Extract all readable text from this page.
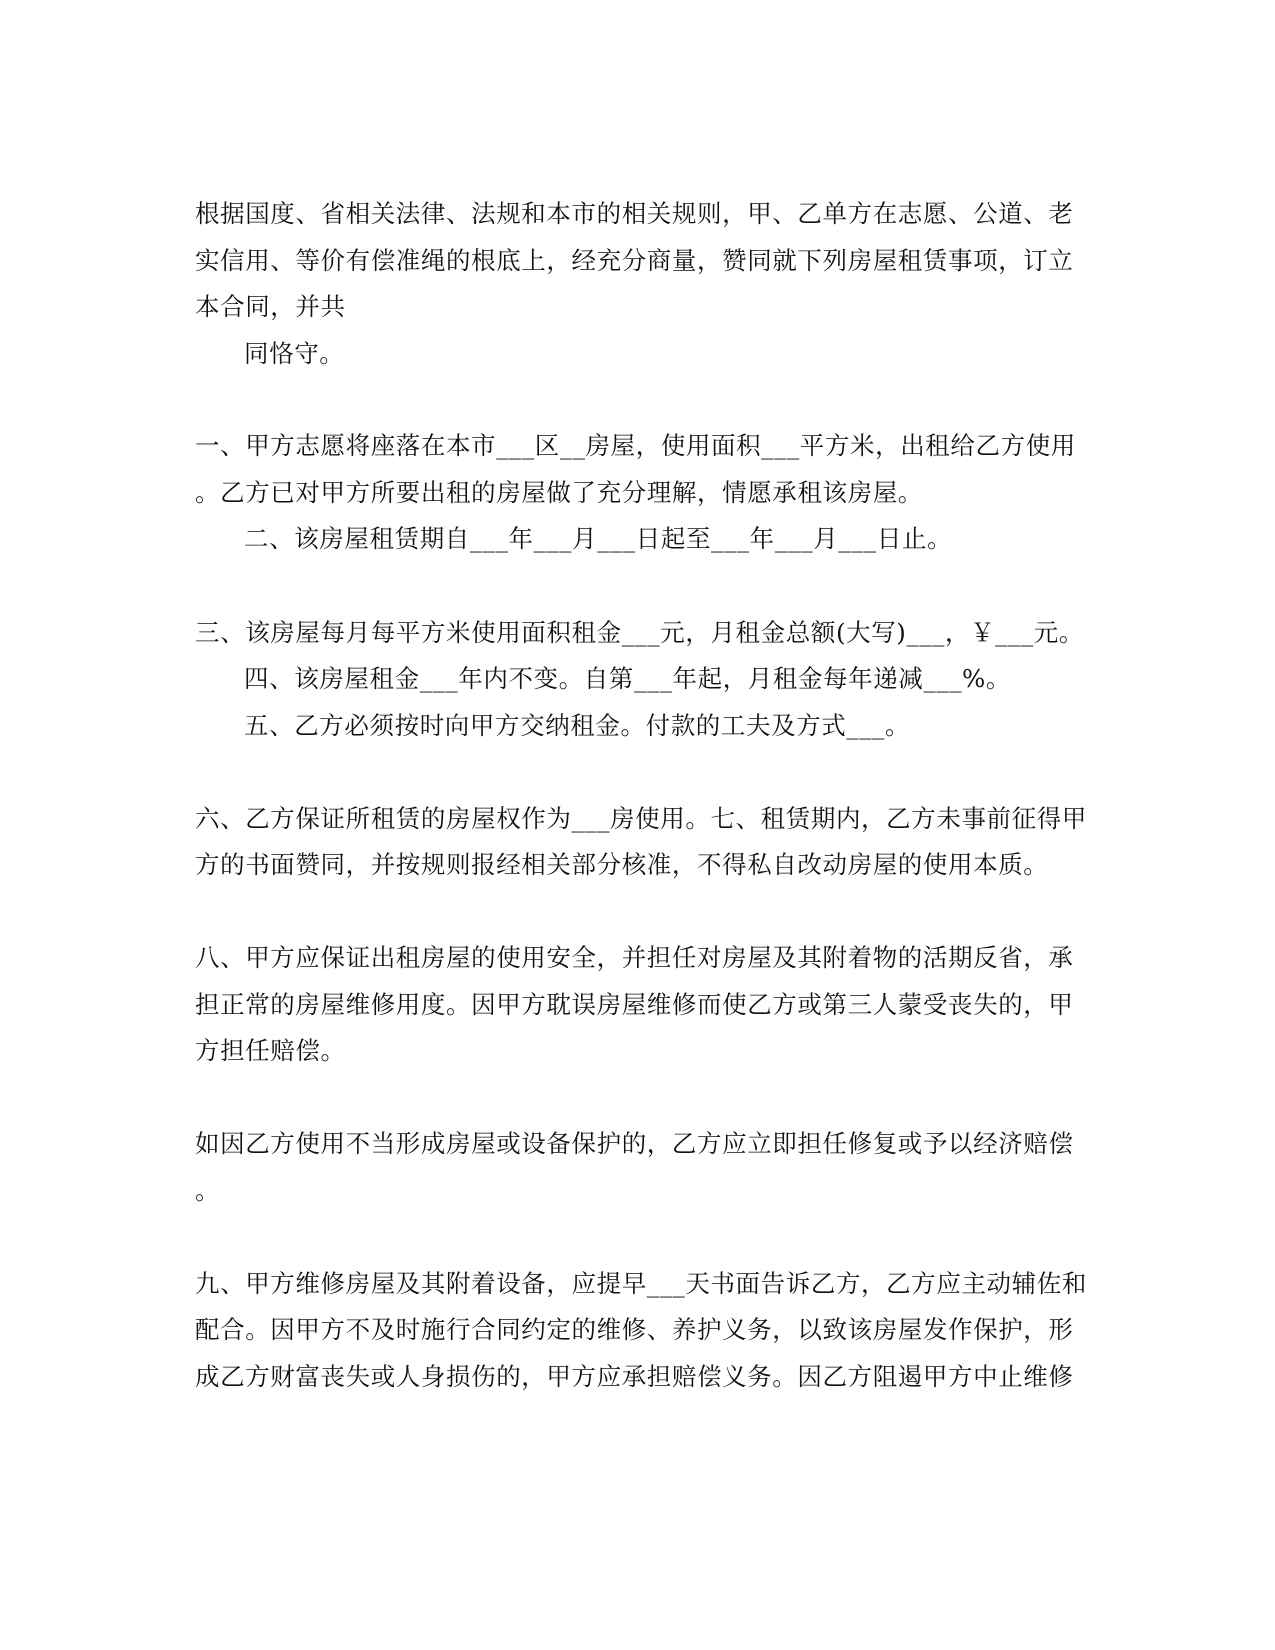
根据国度、省相关法律、法规和本市的相关规则，甲、乙单方在志愿、公道、老
实信用、等价有偿准绳的根底上，经充分商量，赞同就下列房屋租赁事项，订立
本合同，并共
同恪守。
一、甲方志愿将座落在本市___区__房屋，使用面积___平方米，出租给乙方使用
。乙方已对甲方所要出租的房屋做了充分理解，情愿承租该房屋。
二、该房屋租赁期自___年___月___日起至___年___月___日止。
三、该房屋每月每平方米使用面积租金___元，月租金总额(大写)___，￥___元。
四、该房屋租金___年内不变。自第___年起，月租金每年递减___%。
五、乙方必须按时向甲方交纳租金。付款的工夫及方式___。
六、乙方保证所租赁的房屋权作为___房使用。七、租赁期内，乙方未事前征得甲
方的书面赞同，并按规则报经相关部分核准，不得私自改动房屋的使用本质。
八、甲方应保证出租房屋的使用安全，并担任对房屋及其附着物的活期反省，承
担正常的房屋维修用度。因甲方耽误房屋维修而使乙方或第三人蒙受丧失的，甲
方担任赔偿。
如因乙方使用不当形成房屋或设备保护的，乙方应立即担任修复或予以经济赔偿
。
九、甲方维修房屋及其附着设备，应提早___天书面告诉乙方，乙方应主动辅佐和
配合。因甲方不及时施行合同约定的维修、养护义务，以致该房屋发作保护，形
成乙方财富丧失或人身损伤的，甲方应承担赔偿义务。因乙方阻遏甲方中止维修
